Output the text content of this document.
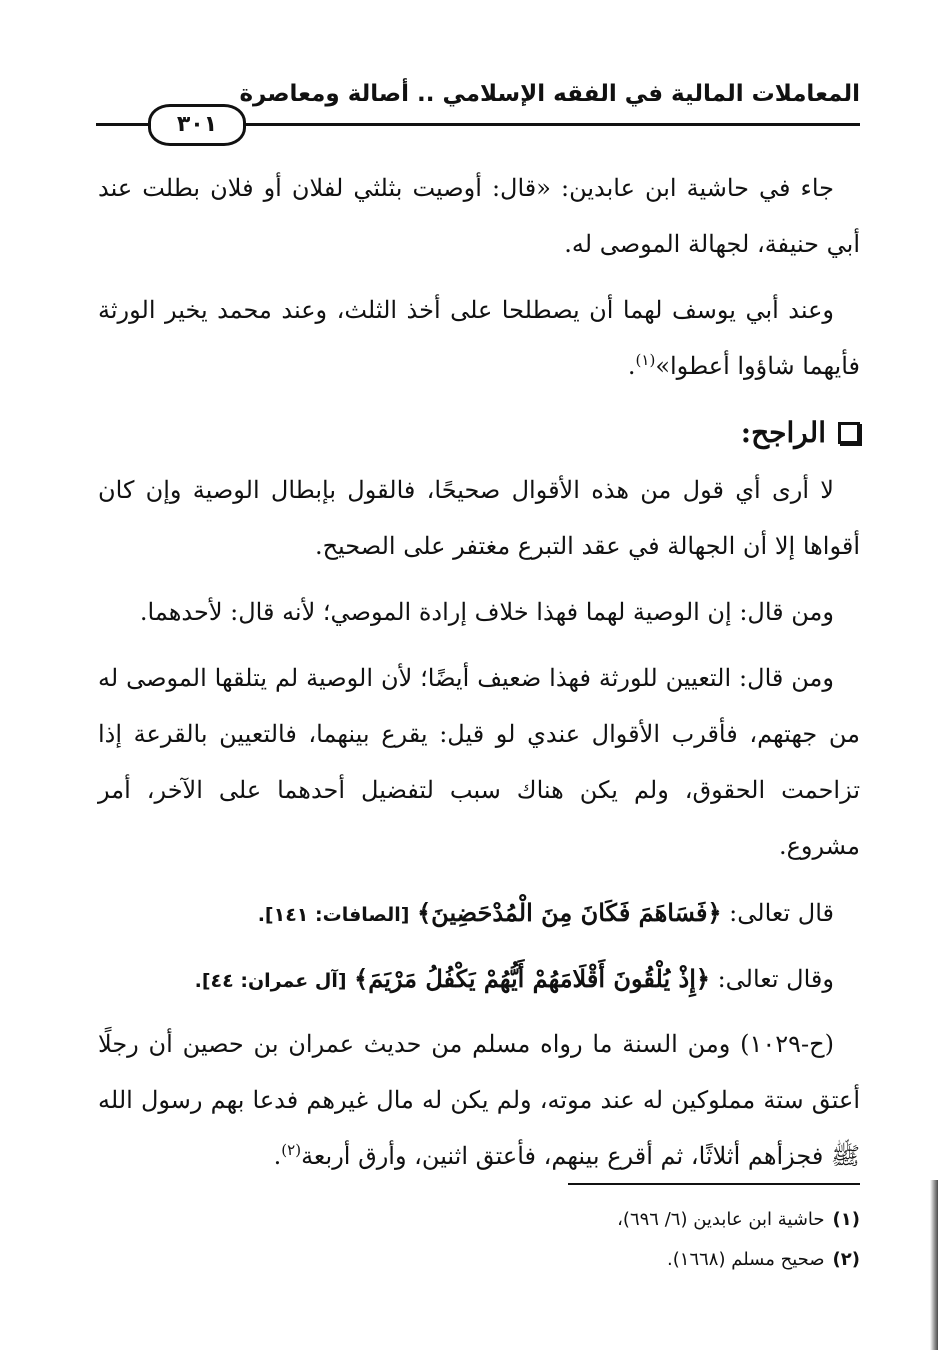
المعاملات المالية في الفقه الإسلامي .. أصالة ومعاصرة
٣٠١

جاء في حاشية ابن عابدين: «قال: أوصيت بثلثي لفلان أو فلان بطلت عند أبي حنيفة، لجهالة الموصى له.

وعند أبي يوسف لهما أن يصطلحا على أخذ الثلث، وعند محمد يخير الورثة فأيهما شاؤوا أعطوا»$^{(١)}$.

الراجح:

لا أرى أي قول من هذه الأقوال صحيحًا، فالقول بإبطال الوصية وإن كان أقواها إلا أن الجهالة في عقد التبرع مغتفر على الصحيح.

ومن قال: إن الوصية لهما فهذا خلاف إرادة الموصي؛ لأنه قال: لأحدهما.

ومن قال: التعيين للورثة فهذا ضعيف أيضًا؛ لأن الوصية لم يتلقها الموصى له من جهتهم، فأقرب الأقوال عندي لو قيل: يقرع بينهما، فالتعيين بالقرعة إذا تزاحمت الحقوق، ولم يكن هناك سبب لتفضيل أحدهما على الآخر، أمر مشروع.

قال تعالى: ﴿فَسَاهَمَ فَكَانَ مِنَ الْمُدْحَضِينَ﴾ [الصافات: ١٤١].

وقال تعالى: ﴿إِذْ يُلْقُونَ أَقْلَامَهُمْ أَيُّهُمْ يَكْفُلُ مَرْيَمَ﴾ [آل عمران: ٤٤].

(ح-١٠٢٩) ومن السنة ما رواه مسلم من حديث عمران بن حصين أن رجلًا أعتق ستة مملوكين له عند موته، ولم يكن له مال غيرهم فدعا بهم رسول الله ﷺ فجزأهم أثلاثًا، ثم أقرع بينهم، فأعتق اثنين، وأرق أربعة$^{(٢)}$.

(١)حاشية ابن عابدين (٦/ ٦٩٦)،

(٢)صحيح مسلم (١٦٦٨).
